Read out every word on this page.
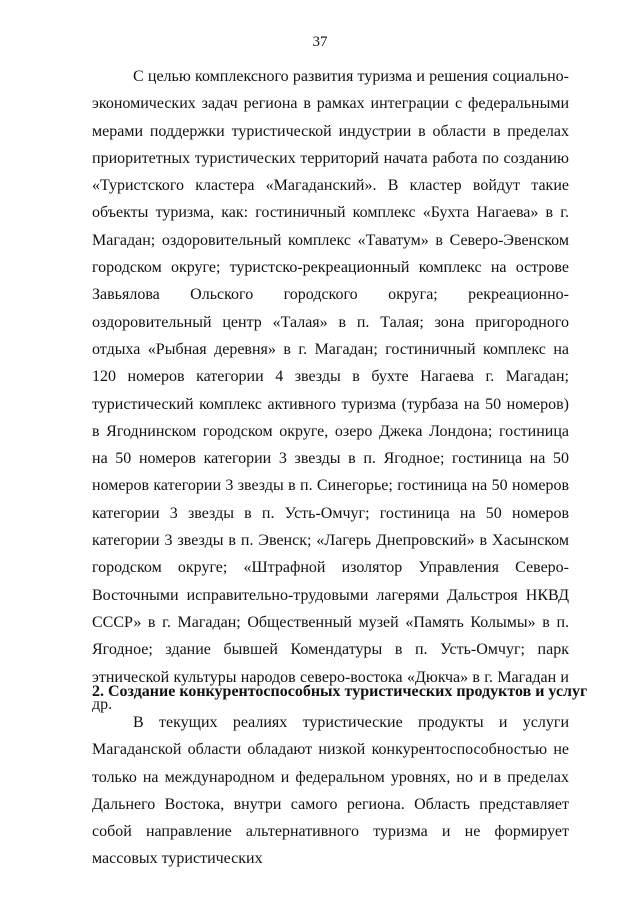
37

С целью комплексного развития туризма и решения социально-экономических задач региона в рамках интеграции с федеральными мерами поддержки туристической индустрии в области в пределах приоритетных туристических территорий начата работа по созданию «Туристского кластера «Магаданский». В кластер войдут такие объекты туризма, как: гостиничный комплекс «Бухта Нагаева» в г. Магадан; оздоровительный комплекс «Таватум» в Северо-Эвенском городском округе; туристско-рекреационный комплекс на острове Завьялова Ольского городского округа; рекреационно-оздоровительный центр «Талая» в п. Талая; зона пригородного отдыха «Рыбная деревня» в г. Магадан; гостиничный комплекс на 120 номеров категории 4 звезды в бухте Нагаева г. Магадан; туристический комплекс активного туризма (турбаза на 50 номеров) в Ягоднинском городском округе, озеро Джека Лондона; гостиница на 50 номеров категории 3 звезды в п. Ягодное; гостиница на 50 номеров категории 3 звезды в п. Синегорье; гостиница на 50 номеров категории 3 звезды в п. Усть-Омчуг; гостиница на 50 номеров категории 3 звезды в п. Эвенск; «Лагерь Днепровский» в Хасынском городском округе; «Штрафной изолятор Управления Северо-Восточными исправительно-трудовыми лагерями Дальстроя НКВД СССР» в г. Магадан; Общественный музей «Память Колымы» в п. Ягодное; здание бывшей Комендатуры в п. Усть-Омчуг; парк этнической культуры народов северо-востока «Дюкча» в г. Магадан и др.

2. Создание конкурентоспособных туристических продуктов и услуг

В текущих реалиях туристические продукты и услуги Магаданской области обладают низкой конкурентоспособностью не только на международном и федеральном уровнях, но и в пределах Дальнего Востока, внутри самого региона. Область представляет собой направление альтернативного туризма и не формирует массовых туристических
